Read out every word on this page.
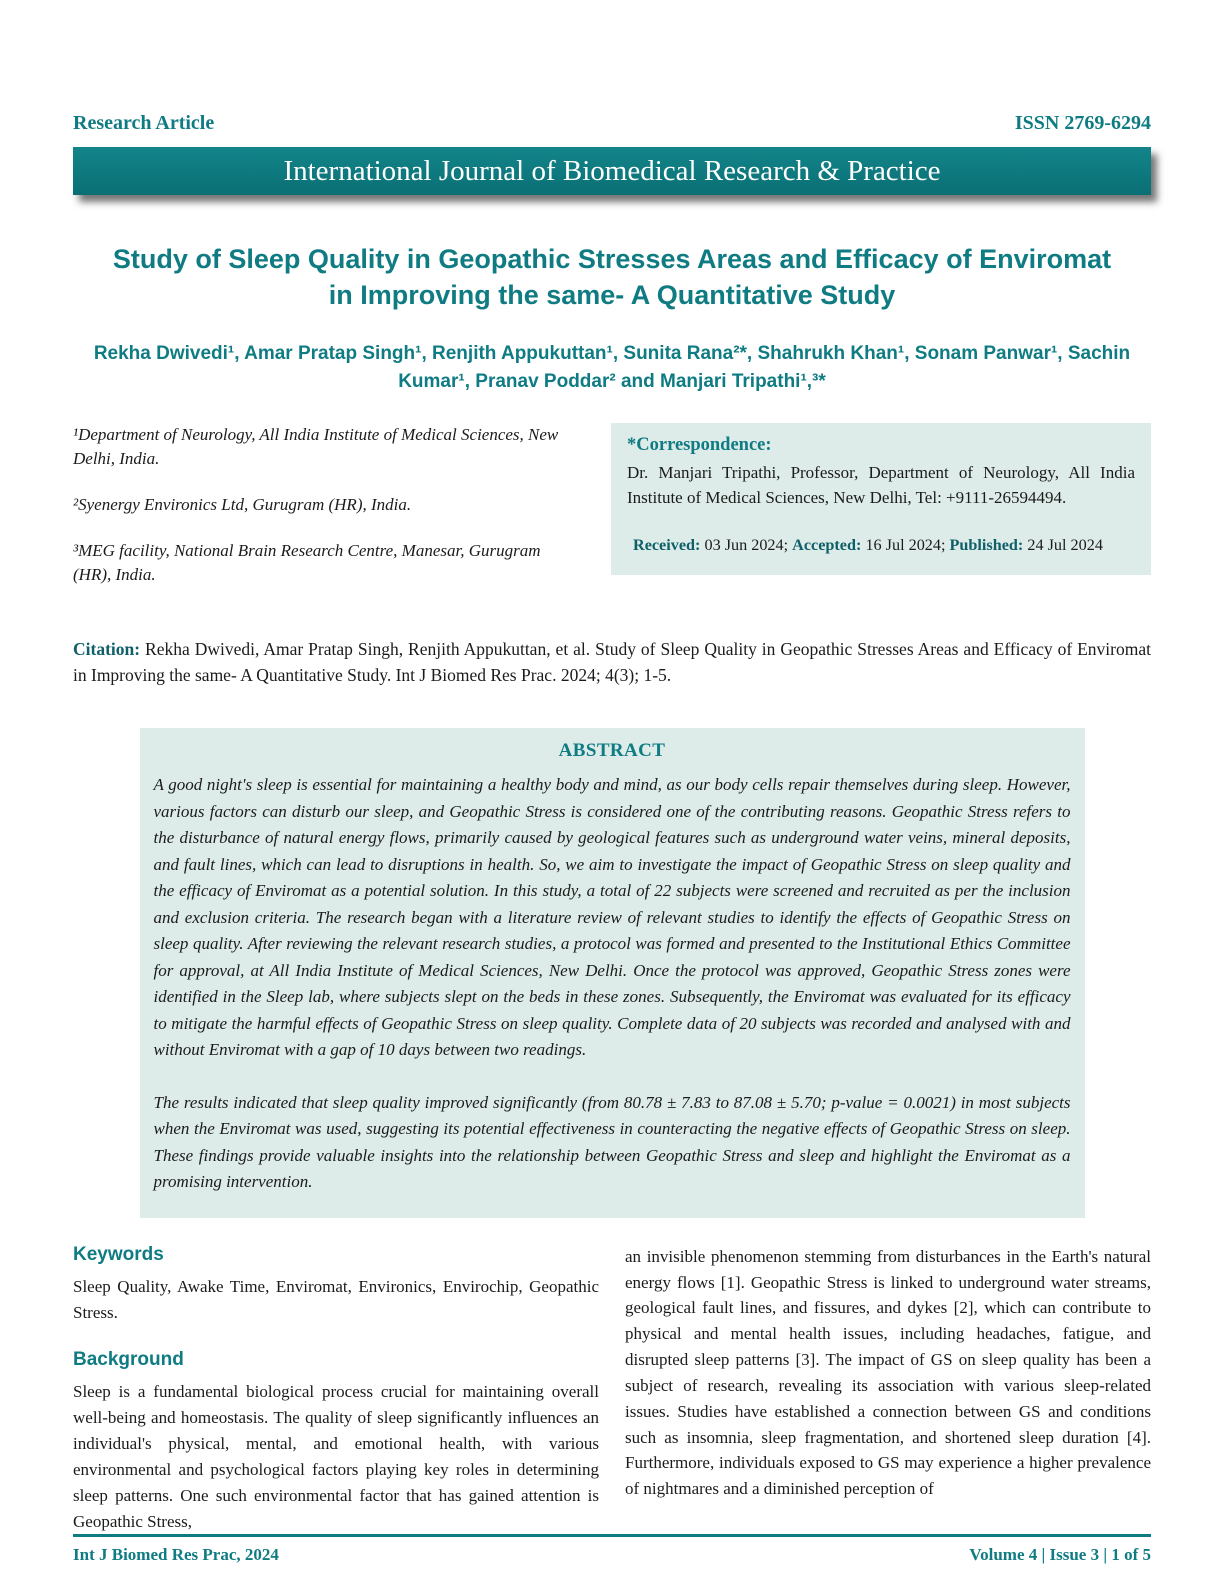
Research Article	ISSN 2769-6294
International Journal of Biomedical Research & Practice
Study of Sleep Quality in Geopathic Stresses Areas and Efficacy of Enviromat in Improving the same- A Quantitative Study

Rekha Dwivedi¹, Amar Pratap Singh¹, Renjith Appukuttan¹, Sunita Rana²*, Shahrukh Khan¹, Sonam Panwar¹, Sachin Kumar¹, Pranav Poddar² and Manjari Tripathi¹,³*

¹Department of Neurology, All India Institute of Medical Sciences, New Delhi, India.

²Syenergy Environics Ltd, Gurugram (HR), India.

³MEG facility, National Brain Research Centre, Manesar, Gurugram (HR), India.

*Correspondence:

Dr. Manjari Tripathi, Professor, Department of Neurology, All India Institute of Medical Sciences, New Delhi, Tel: +9111-26594494.

Received: 03 Jun 2024; Accepted: 16 Jul 2024; Published: 24 Jul 2024

Citation: Rekha Dwivedi, Amar Pratap Singh, Renjith Appukuttan, et al. Study of Sleep Quality in Geopathic Stresses Areas and Efficacy of Enviromat in Improving the same- A Quantitative Study. Int J Biomed Res Prac. 2024; 4(3); 1-5.

ABSTRACT

A good night's sleep is essential for maintaining a healthy body and mind, as our body cells repair themselves during sleep. However, various factors can disturb our sleep, and Geopathic Stress is considered one of the contributing reasons. Geopathic Stress refers to the disturbance of natural energy flows, primarily caused by geological features such as underground water veins, mineral deposits, and fault lines, which can lead to disruptions in health. So, we aim to investigate the impact of Geopathic Stress on sleep quality and the efficacy of Enviromat as a potential solution. In this study, a total of 22 subjects were screened and recruited as per the inclusion and exclusion criteria. The research began with a literature review of relevant studies to identify the effects of Geopathic Stress on sleep quality. After reviewing the relevant research studies, a protocol was formed and presented to the Institutional Ethics Committee for approval, at All India Institute of Medical Sciences, New Delhi. Once the protocol was approved, Geopathic Stress zones were identified in the Sleep lab, where subjects slept on the beds in these zones. Subsequently, the Enviromat was evaluated for its efficacy to mitigate the harmful effects of Geopathic Stress on sleep quality. Complete data of 20 subjects was recorded and analysed with and without Enviromat with a gap of 10 days between two readings.

The results indicated that sleep quality improved significantly (from 80.78 ± 7.83 to 87.08 ± 5.70; p-value = 0.0021) in most subjects when the Enviromat was used, suggesting its potential effectiveness in counteracting the negative effects of Geopathic Stress on sleep. These findings provide valuable insights into the relationship between Geopathic Stress and sleep and highlight the Enviromat as a promising intervention.

Keywords

Sleep Quality, Awake Time, Enviromat, Environics, Envirochip, Geopathic Stress.

Background

Sleep is a fundamental biological process crucial for maintaining overall well-being and homeostasis. The quality of sleep significantly influences an individual's physical, mental, and emotional health, with various environmental and psychological factors playing key roles in determining sleep patterns. One such environmental factor that has gained attention is Geopathic Stress,

an invisible phenomenon stemming from disturbances in the Earth's natural energy flows [1]. Geopathic Stress is linked to underground water streams, geological fault lines, and fissures, and dykes [2], which can contribute to physical and mental health issues, including headaches, fatigue, and disrupted sleep patterns [3]. The impact of GS on sleep quality has been a subject of research, revealing its association with various sleep-related issues. Studies have established a connection between GS and conditions such as insomnia, sleep fragmentation, and shortened sleep duration [4]. Furthermore, individuals exposed to GS may experience a higher prevalence of nightmares and a diminished perception of

Int J Biomed Res Prac, 2024	Volume 4 | Issue 3 | 1 of 5
